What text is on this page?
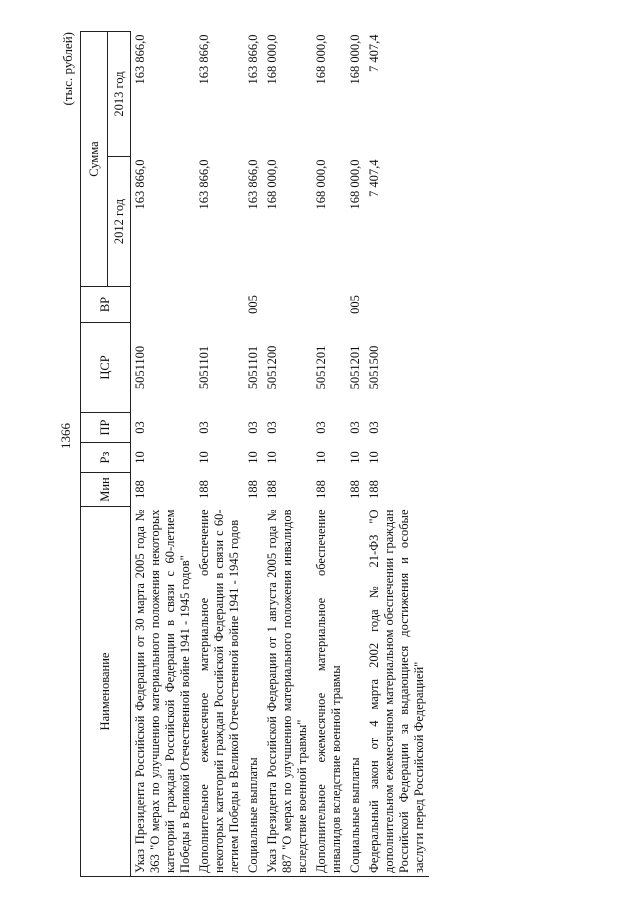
1366
(тыс. рублей)
Наименование	Мин	Рз	ПР	ЦСР	ВР	Сумма	
						2012 год	2013 год
Указ Президента Российской Федерации от 30 марта 2005 года № 363 "О мерах по улучшению материального положения некоторых категорий граждан Российской Федерации в связи с 60-летием Победы в Великой Отечественной войне 1941 - 1945 годов"	188	10	03	5051100		163 866,0	163 866,0
Дополнительное ежемесячное материальное обеспечение некоторых категорий граждан Российской Федерации в связи с 60-летием Победы в Великой Отечественной войне 1941 - 1945 годов	188	10	03	5051101		163 866,0	163 866,0
Социальные выплаты	188	10	03	5051101	005	163 866,0	163 866,0
Указ Президента Российской Федерации от 1 августа 2005 года № 887 "О мерах по улучшению материального положения инвалидов вследствие военной травмы"	188	10	03	5051200		168 000,0	168 000,0
Дополнительное ежемесячное материальное обеспечение инвалидов вследствие военной травмы	188	10	03	5051201		168 000,0	168 000,0
Социальные выплаты	188	10	03	5051201	005	168 000,0	168 000,0
Федеральный закон от 4 марта 2002 года № 21-ФЗ "О дополнительном ежемесячном материальном обеспечении граждан Российской Федерации за выдающиеся достижения и особые заслуги перед Российской Федерацией"	188	10	03	5051500		7 407,4	7 407,4
